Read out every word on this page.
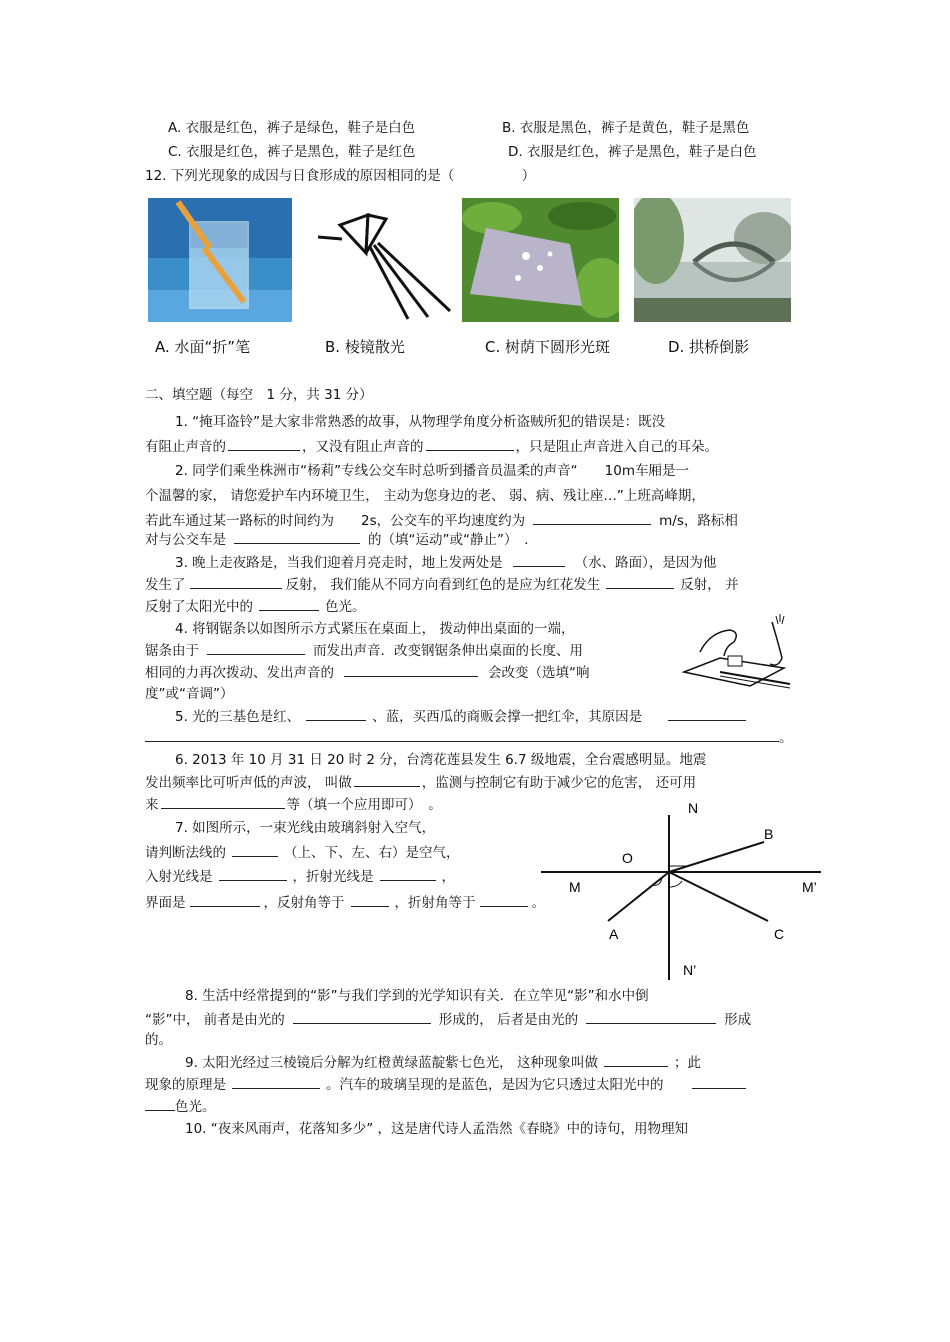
A. 衣服是红色，裤子是绿色，鞋子是白色	B. 衣服是黑色，裤子是黄色，鞋子是黑色
C. 衣服是红色，裤子是黑色，鞋子是红色	D. 衣服是红色，裤子是黑色，鞋子是白色
12. 下列光现象的成因与日食形成的原因相同的是（　　　　　）
A. 水面“折”笔	B. 棱镜散光	C. 树荫下圆形光斑	D. 拱桥倒影
二、填空题（每空　1 分，共 31 分）
1. “掩耳盗铃”是大家非常熟悉的故事，从物理学角度分析盗贼所犯的错误是：既没
有阻止声音的	，又没有阻止声音的	，只是阻止声音进入自己的耳朵。
2. 同学们乘坐株洲市“杨莉”专线公交车时总听到播音员温柔的声音“　　10m车厢是一
个温馨的家， 请您爱护车内环境卫生， 主动为您身边的老、 弱、病、残让座…”上班高峰期，
若此车通过某一路标的时间约为　　2s，公交车的平均速度约为	m/s，路标相
对与公交车是	的（填“运动”或“静止”）　．
3. 晚上走夜路是，当我们迎着月亮走时，地上发两处是	（水、路面），是因为他
发生了	反射， 我们能从不同方向看到红色的是应为红花发生	反射， 并
反射了太阳光中的	色光。
4. 将钢锯条以如图所示方式紧压在桌面上， 拨动伸出桌面的一端，
锯条由于	而发出声音．改变钢锯条伸出桌面的长度、用
相同的力再次拨动、发出声音的	会改变（选填“响
度”或“音调”）
5. 光的三基色是红、	、蓝，买西瓜的商贩会撑一把红伞，其原因是
。
6. 2013 年 10 月 31 日 20 时 2 分，台湾花莲县发生 6.7 级地震，全台震感明显。地震
发出频率比可听声低的声波， 叫做	，监测与控制它有助于减少它的危害， 还可用
来	等（填一个应用即可）　。
7. 如图所示，一束光线由玻璃斜射入空气，
请判断法线的	（上、下、左、右）是空气，
入射光线是	，折射光线是	，
界面是	，反射角等于	，折射角等于	。
N
B
O
M	M’
A	C
N’
8. 生活中经常提到的“影”与我们学到的光学知识有关．在立竿见“影”和水中倒
“影”中， 前者是由光的	形成的， 后者是由光的	形成
的。
9. 太阳光经过三棱镜后分解为红橙黄绿蓝靛紫七色光， 这种现象叫做	；此
现象的原理是	。汽车的玻璃呈现的是蓝色，是因为它只透过太阳光中的
色光。
10. “夜来风雨声，花落知多少” ，这是唐代诗人孟浩然《春晓》中的诗句，用物理知
